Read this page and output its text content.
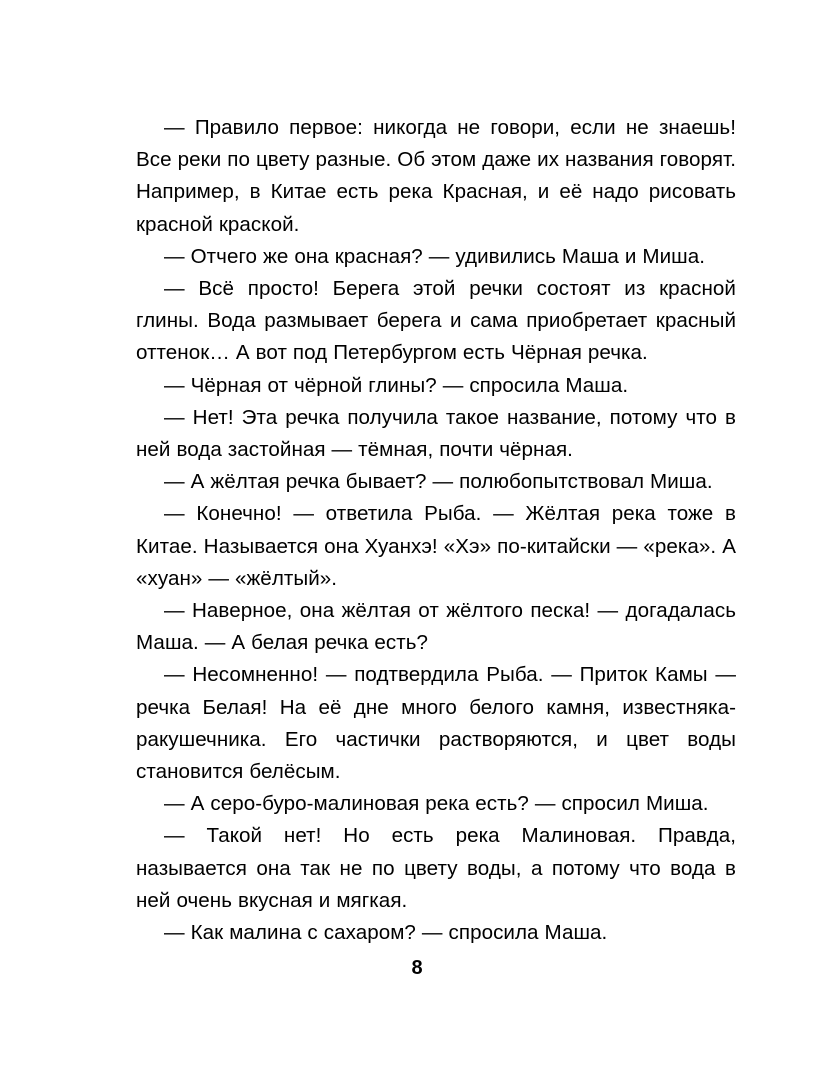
— Правило первое: никогда не говори, если не знаешь! Все реки по цвету разные. Об этом даже их названия говорят. Например, в Китае есть река Красная, и её надо рисовать красной краской.

— Отчего же она красная? — удивились Маша и Миша.

— Всё просто! Берега этой речки состоят из красной глины. Вода размывает берега и сама приобретает красный оттенок… А вот под Петербургом есть Чёрная речка.

— Чёрная от чёрной глины? — спросила Маша.

— Нет! Эта речка получила такое название, потому что в ней вода застойная — тёмная, почти чёрная.

— А жёлтая речка бывает? — полюбопытствовал Миша.

— Конечно! — ответила Рыба. — Жёлтая река тоже в Китае. Называется она Хуанхэ! «Хэ» по-китайски — «река». А «хуан» — «жёлтый».

— Наверное, она жёлтая от жёлтого песка! — догадалась Маша. — А белая речка есть?

— Несомненно! — подтвердила Рыба. — Приток Камы — речка Белая! На её дне много белого камня, известняка-ракушечника. Его частички растворяются, и цвет воды становится белёсым.

— А серо-буро-малиновая река есть? — спросил Миша.

— Такой нет! Но есть река Малиновая. Правда, называется она так не по цвету воды, а потому что вода в ней очень вкусная и мягкая.

— Как малина с сахаром? — спросила Маша.

8
